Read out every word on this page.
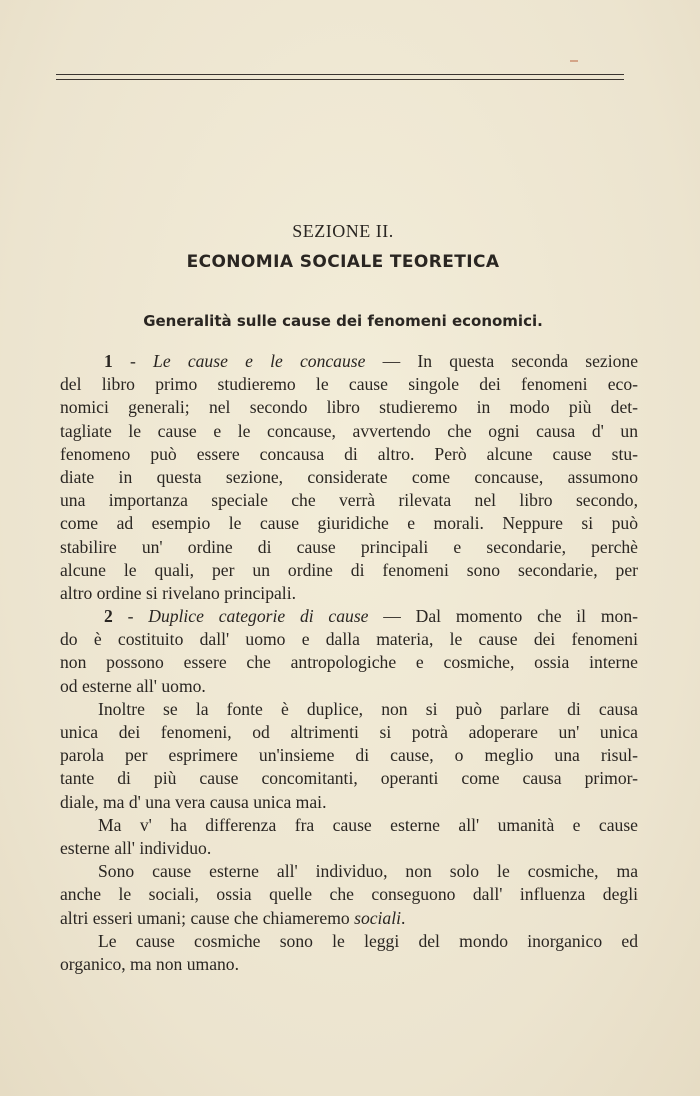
SEZIONE II.
ECONOMIA SOCIALE TEORETICA
Generalità sulle cause dei fenomeni economici.
1 - Le cause e le concause — In questa seconda sezione
del libro primo studieremo le cause singole dei fenomeni eco-
nomici generali; nel secondo libro studieremo in modo più det-
tagliate le cause e le concause, avvertendo che ogni causa d' un
fenomeno può essere concausa di altro. Però alcune cause stu-
diate in questa sezione, considerate come concause, assumono
una importanza speciale che verrà rilevata nel libro secondo,
come ad esempio le cause giuridiche e morali. Neppure si può
stabilire un' ordine di cause principali e secondarie, perchè
alcune le quali, per un ordine di fenomeni sono secondarie, per
altro ordine si rivelano principali.
2 - Duplice categorie di cause — Dal momento che il mon-
do è costituito dall' uomo e dalla materia, le cause dei fenomeni
non possono essere che antropologiche e cosmiche, ossia interne
od esterne all' uomo.
Inoltre se la fonte è duplice, non si può parlare di causa
unica dei fenomeni, od altrimenti si potrà adoperare un' unica
parola per esprimere un'insieme di cause, o meglio una risul-
tante di più cause concomitanti, operanti come causa primor-
diale, ma d' una vera causa unica mai.
Ma v' ha differenza fra cause esterne all' umanità e cause
esterne all' individuo.
Sono cause esterne all' individuo, non solo le cosmiche, ma
anche le sociali, ossia quelle che conseguono dall' influenza degli
altri esseri umani; cause che chiameremo sociali.
Le cause cosmiche sono le leggi del mondo inorganico ed
organico, ma non umano.
